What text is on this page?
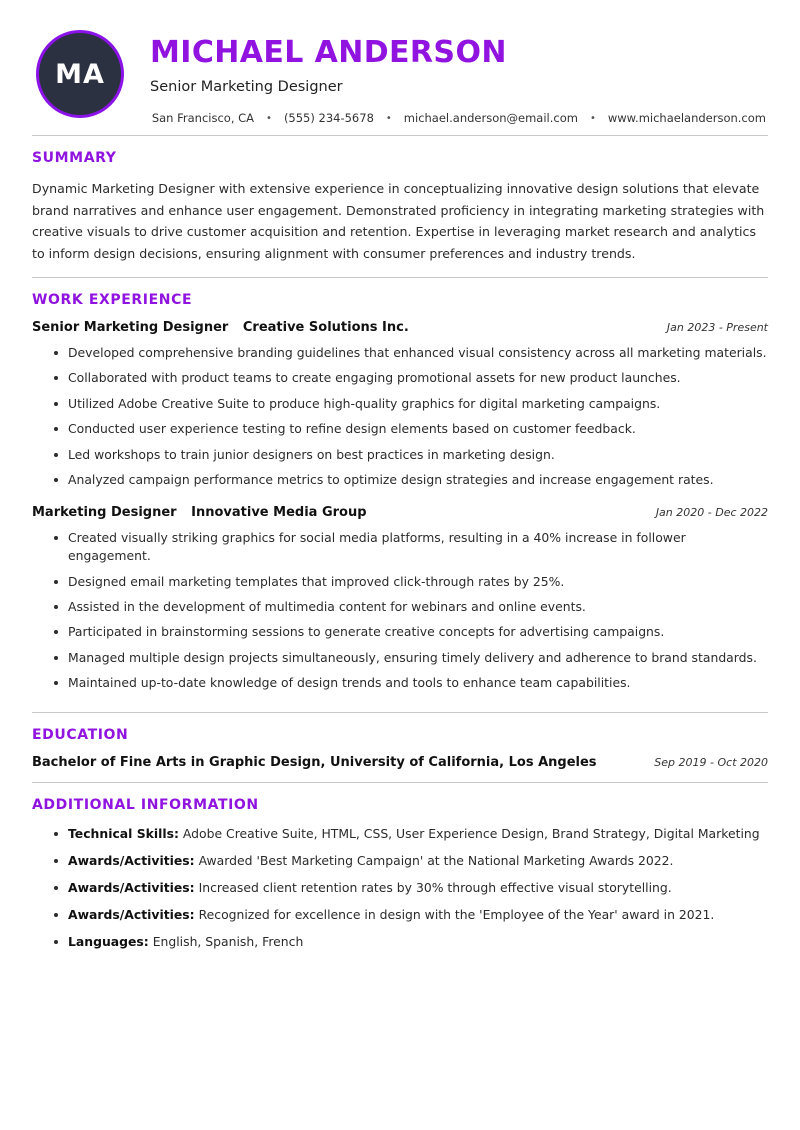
MA
MICHAEL ANDERSON
Senior Marketing Designer
San Francisco, CA • (555) 234-5678 • michael.anderson@email.com • www.michaelanderson.com
SUMMARY

Dynamic Marketing Designer with extensive experience in conceptualizing innovative design solutions that elevate brand narratives and enhance user engagement. Demonstrated proficiency in integrating marketing strategies with creative visuals to drive customer acquisition and retention. Expertise in leveraging market research and analytics to inform design decisions, ensuring alignment with consumer preferences and industry trends.

WORK EXPERIENCE
Senior Marketing Designer Creative Solutions Inc.	Jan 2023 - Present
Developed comprehensive branding guidelines that enhanced visual consistency across all marketing materials.
Collaborated with product teams to create engaging promotional assets for new product launches.
Utilized Adobe Creative Suite to produce high-quality graphics for digital marketing campaigns.
Conducted user experience testing to refine design elements based on customer feedback.
Led workshops to train junior designers on best practices in marketing design.
Analyzed campaign performance metrics to optimize design strategies and increase engagement rates.
Marketing Designer Innovative Media Group	Jan 2020 - Dec 2022
Created visually striking graphics for social media platforms, resulting in a 40% increase in follower engagement.
Designed email marketing templates that improved click-through rates by 25%.
Assisted in the development of multimedia content for webinars and online events.
Participated in brainstorming sessions to generate creative concepts for advertising campaigns.
Managed multiple design projects simultaneously, ensuring timely delivery and adherence to brand standards.
Maintained up-to-date knowledge of design trends and tools to enhance team capabilities.
EDUCATION
Bachelor of Fine Arts in Graphic Design, University of California, Los Angeles	Sep 2019 - Oct 2020
ADDITIONAL INFORMATION
Technical Skills: Adobe Creative Suite, HTML, CSS, User Experience Design, Brand Strategy, Digital Marketing
Awards/Activities: Awarded 'Best Marketing Campaign' at the National Marketing Awards 2022.
Awards/Activities: Increased client retention rates by 30% through effective visual storytelling.
Awards/Activities: Recognized for excellence in design with the 'Employee of the Year' award in 2021.
Languages: English, Spanish, French
